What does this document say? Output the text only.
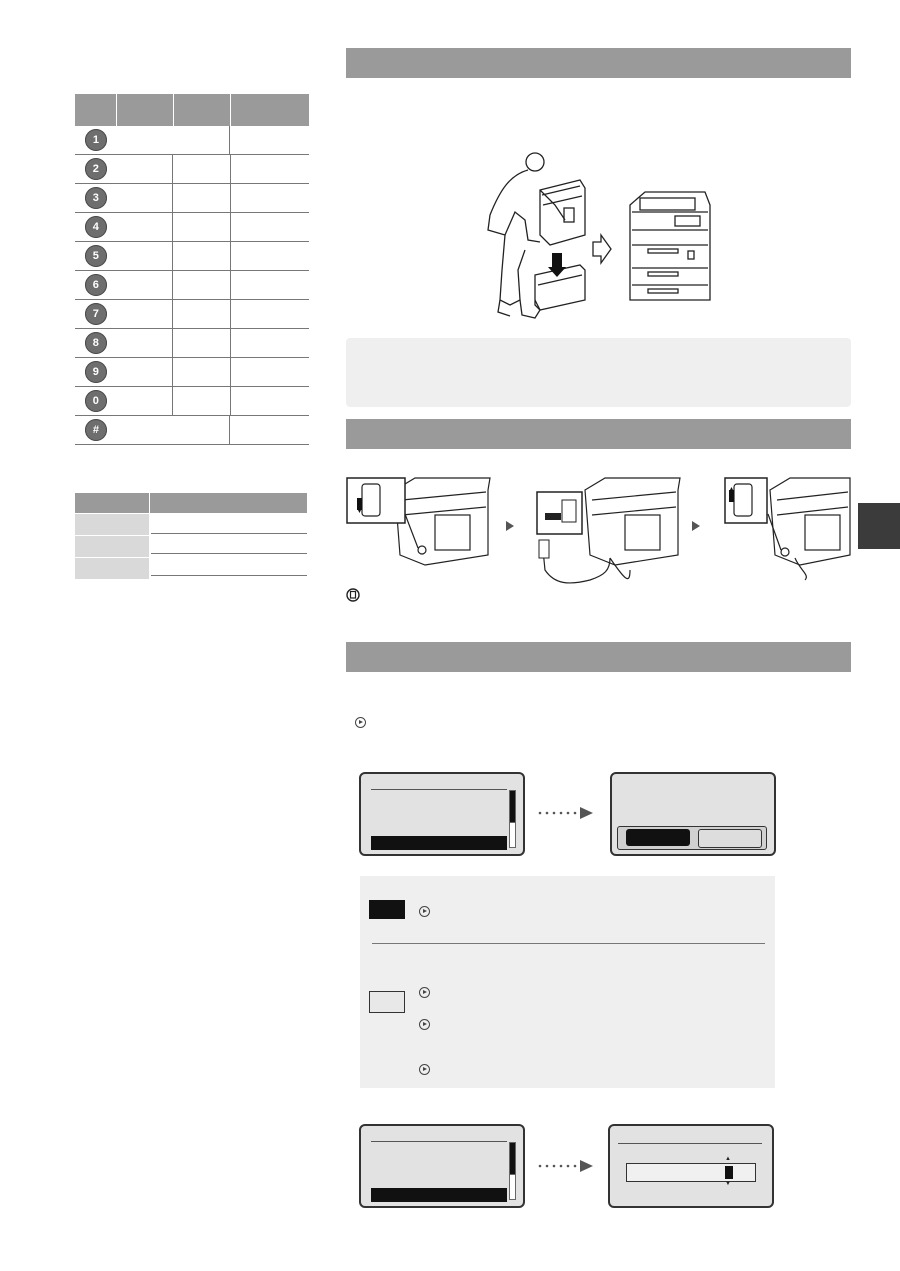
1
2
3
4
5
6
7
8
9
0
#
▲
▼
